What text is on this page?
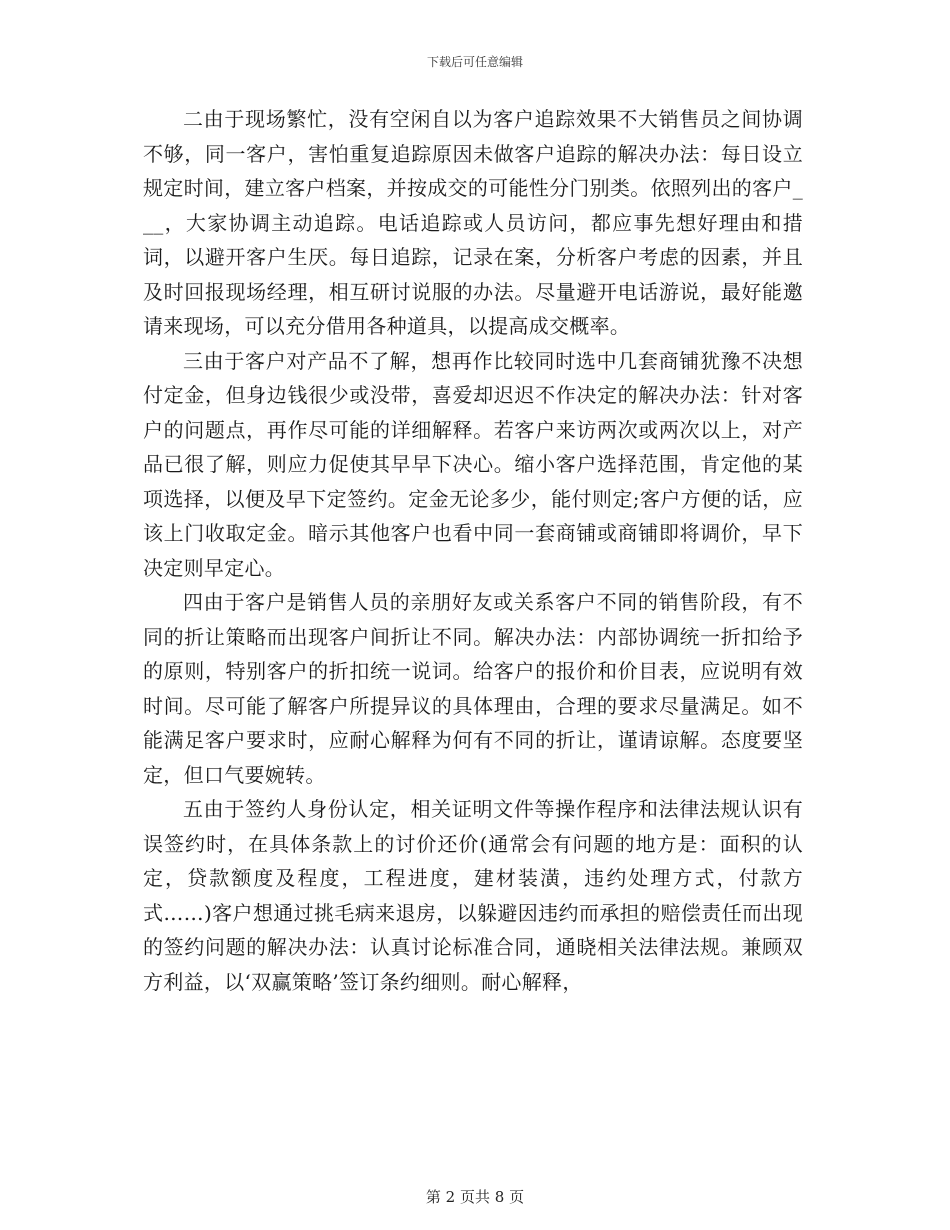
下载后可任意编辑

二由于现场繁忙，没有空闲自以为客户追踪效果不大销售员之间协调不够，同一客户，害怕重复追踪原因未做客户追踪的解决办法：每日设立规定时间，建立客户档案，并按成交的可能性分门别类。依照列出的客户___，大家协调主动追踪。电话追踪或人员访问，都应事先想好理由和措词，以避开客户生厌。每日追踪，记录在案，分析客户考虑的因素，并且及时回报现场经理，相互研讨说服的办法。尽量避开电话游说，最好能邀请来现场，可以充分借用各种道具，以提高成交概率。

三由于客户对产品不了解，想再作比较同时选中几套商铺犹豫不决想付定金，但身边钱很少或没带，喜爱却迟迟不作决定的解决办法：针对客户的问题点，再作尽可能的详细解释。若客户来访两次或两次以上，对产品已很了解，则应力促使其早早下决心。缩小客户选择范围，肯定他的某项选择，以便及早下定签约。定金无论多少，能付则定;客户方便的话，应该上门收取定金。暗示其他客户也看中同一套商铺或商铺即将调价，早下决定则早定心。

四由于客户是销售人员的亲朋好友或关系客户不同的销售阶段，有不同的折让策略而出现客户间折让不同。解决办法：内部协调统一折扣给予的原则，特别客户的折扣统一说词。给客户的报价和价目表，应说明有效时间。尽可能了解客户所提异议的具体理由，合理的要求尽量满足。如不能满足客户要求时，应耐心解释为何有不同的折让，谨请谅解。态度要坚定，但口气要婉转。

五由于签约人身份认定，相关证明文件等操作程序和法律法规认识有误签约时，在具体条款上的讨价还价(通常会有问题的地方是：面积的认定，贷款额度及程度，工程进度，建材装潢，违约处理方式，付款方式……)客户想通过挑毛病来退房，以躲避因违约而承担的赔偿责任而出现的签约问题的解决办法：认真讨论标准合同，通晓相关法律法规。兼顾双方利益，以‘双赢策略’签订条约细则。耐心解释，

第 2 页共 8 页
